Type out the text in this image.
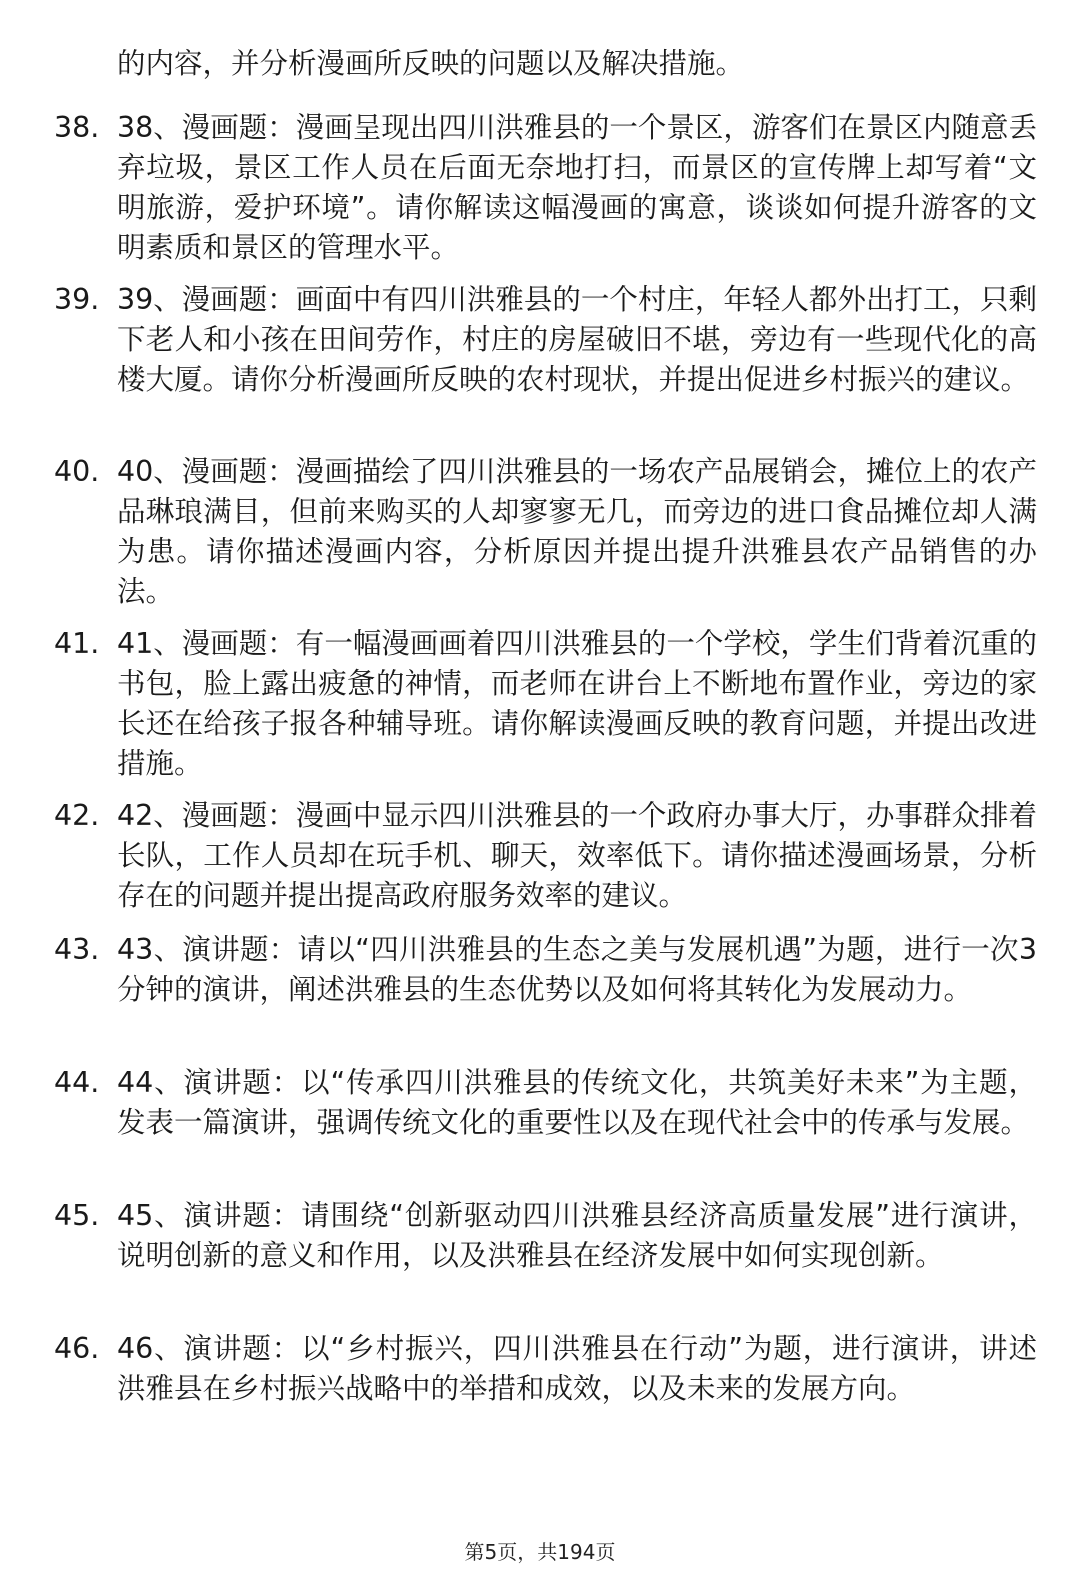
的内容，并分析漫画所反映的问题以及解决措施。
38. 38、漫画题：漫画呈现出四川洪雅县的一个景区，游客们在景区内随意丢弃垃圾，景区工作人员在后面无奈地打扫，而景区的宣传牌上却写着“文明旅游，爱护环境”。请你解读这幅漫画的寓意，谈谈如何提升游客的文明素质和景区的管理水平。
39. 39、漫画题：画面中有四川洪雅县的一个村庄，年轻人都外出打工，只剩下老人和小孩在田间劳作，村庄的房屋破旧不堪，旁边有一些现代化的高楼大厦。请你分析漫画所反映的农村现状，并提出促进乡村振兴的建议。
40. 40、漫画题：漫画描绘了四川洪雅县的一场农产品展销会，摊位上的农产品琳琅满目，但前来购买的人却寥寥无几，而旁边的进口食品摊位却人满为患。请你描述漫画内容，分析原因并提出提升洪雅县农产品销售的办法。
41. 41、漫画题：有一幅漫画画着四川洪雅县的一个学校，学生们背着沉重的书包，脸上露出疲惫的神情，而老师在讲台上不断地布置作业，旁边的家长还在给孩子报各种辅导班。请你解读漫画反映的教育问题，并提出改进措施。
42. 42、漫画题：漫画中显示四川洪雅县的一个政府办事大厅，办事群众排着长队，工作人员却在玩手机、聊天，效率低下。请你描述漫画场景，分析存在的问题并提出提高政府服务效率的建议。
43. 43、演讲题：请以“四川洪雅县的生态之美与发展机遇”为题，进行一次3分钟的演讲，阐述洪雅县的生态优势以及如何将其转化为发展动力。
44. 44、演讲题：以“传承四川洪雅县的传统文化，共筑美好未来”为主题，发表一篇演讲，强调传统文化的重要性以及在现代社会中的传承与发展。
45. 45、演讲题：请围绕“创新驱动四川洪雅县经济高质量发展”进行演讲，说明创新的意义和作用，以及洪雅县在经济发展中如何实现创新。
46. 46、演讲题：以“乡村振兴，四川洪雅县在行动”为题，进行演讲，讲述洪雅县在乡村振兴战略中的举措和成效，以及未来的发展方向。
第5页，共194页
